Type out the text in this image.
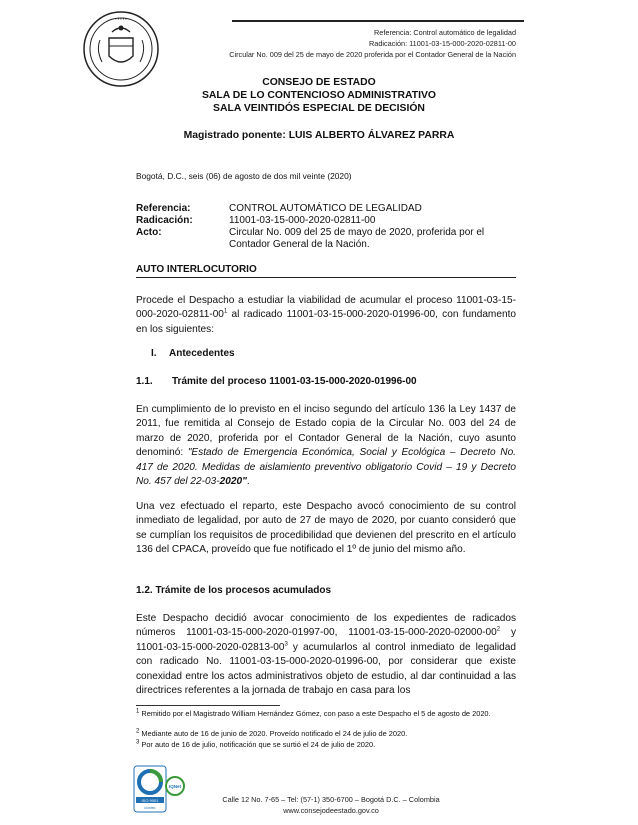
• • • • • • •
Referencia: Control automático de legalidad
Radicación: 11001-03-15-000-2020-02811-00
Circular No. 009 del 25 de mayo de 2020 proferida por el Contador General de la Nación
CONSEJO DE ESTADO
SALA DE LO CONTENCIOSO ADMINISTRATIVO
SALA VEINTIDÓS ESPECIAL DE DECISIÓN
Magistrado ponente: LUIS ALBERTO ÁLVAREZ PARRA
Bogotá, D.C., seis (06) de agosto de dos mil veinte (2020)
Referencia:	CONTROL AUTOMÁTICO DE LEGALIDAD
Radicación:	11001-03-15-000-2020-02811-00
Acto:	Circular No. 009 del 25 de mayo de 2020, proferida por el Contador General de la Nación.
AUTO INTERLOCUTORIO
Procede el Despacho a estudiar la viabilidad de acumular el proceso $11001-03-15-000-2020-02811-00^1$ al radicado 11001-03-15-000-2020-01996-00, con fundamento en los siguientes:
I. Antecedentes
1.1. Trámite del proceso 11001-03-15-000-2020-01996-00
En cumplimiento de lo previsto en el inciso segundo del artículo 136 la Ley 1437 de 2011, fue remitida al Consejo de Estado copia de la Circular No. 003 del 24 de marzo de 2020, proferida por el Contador General de la Nación, cuyo asunto denominó: "Estado de Emergencia Económica, Social y Ecológica – Decreto No. 417 de 2020. Medidas de aislamiento preventivo obligatorio Covid – 19 y Decreto No. 457 del 22-03-2020".
Una vez efectuado el reparto, este Despacho avocó conocimiento de su control inmediato de legalidad, por auto de 27 de mayo de 2020, por cuanto consideró que se cumplían los requisitos de procedibilidad que devienen del prescrito en el artículo 136 del CPACA, proveído que fue notificado el 1º de junio del mismo año.
1.2. Trámite de los procesos acumulados
Este Despacho decidió avocar conocimiento de los expedientes de radicados números 11001-03-15-000-2020-01997-00, $11001-03-15-000-2020-02000-00^2$ y $11001-03-15-000-2020-02813-00^3$ y acumularlos al control inmediato de legalidad con radicado No. 11001-03-15-000-2020-01996-00, por considerar que existe conexidad entre los actos administrativos objeto de estudio, al dar continuidad a las directrices referentes a la jornada de trabajo en casa para los
$^1$ Remitido por el Magistrado William Hernández Gómez, con paso a este Despacho el 5 de agosto de 2020.
$^2$ Mediante auto de 16 de junio de 2020. Proveído notificado el 24 de julio de 2020.
$^3$ Por auto de 16 de julio, notificación que se surtió el 24 de julio de 2020.
ISO 9001
icontec
IQNet
Calle 12 No. 7-65 – Tel: (57-1) 350-6700 – Bogotá D.C. – Colombia
www.consejodeestado.gov.co
